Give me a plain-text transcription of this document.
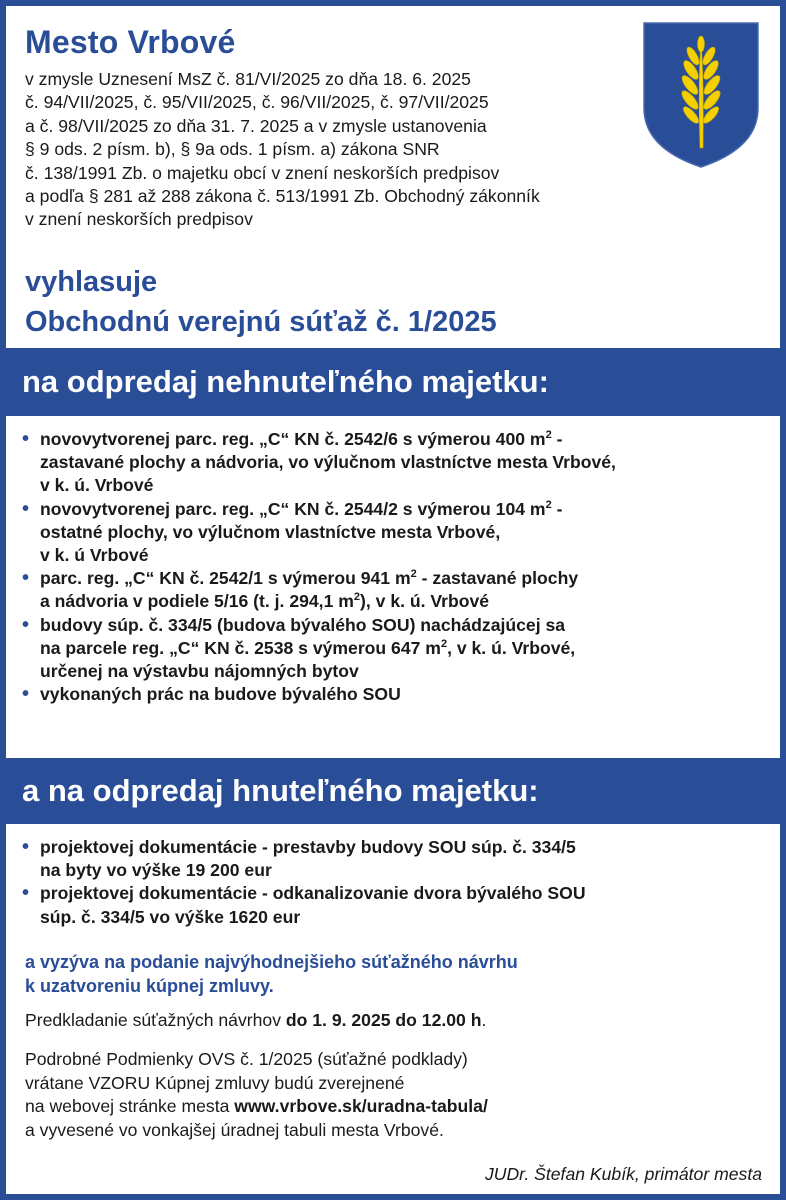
Mesto Vrbové
v zmysle Uznesení MsZ č. 81/VI/2025 zo dňa 18. 6. 2025
č. 94/VII/2025, č. 95/VII/2025, č. 96/VII/2025, č. 97/VII/2025
a č. 98/VII/2025 zo dňa 31. 7. 2025 a v zmysle ustanovenia
§ 9 ods. 2 písm. b), § 9a ods. 1 písm. a) zákona SNR
č. 138/1991 Zb. o majetku obcí v znení neskorších predpisov
a podľa § 281 až 288 zákona č. 513/1991 Zb. Obchodný zákonník
v znení neskorších predpisov
vyhlasuje
Obchodnú verejnú súťaž č. 1/2025
na odpredaj nehnuteľného majetku:
• novovytvorenej parc. reg. „C“ KN č. 2542/6 s výmerou 400 $m^2$ -
zastavané plochy a nádvoria, vo výlučnom vlastníctve mesta Vrbové,
v k. ú. Vrbové
• novovytvorenej parc. reg. „C“ KN č. 2544/2 s výmerou 104 $m^2$ -
ostatné plochy, vo výlučnom vlastníctve mesta Vrbové,
v k. ú Vrbové
• parc. reg. „C“ KN č. 2542/1 s výmerou 941 $m^2$ - zastavané plochy
a nádvoria v podiele 5/16 (t. j. 294,1 $m^2$), v k. ú. Vrbové
• budovy súp. č. 334/5 (budova bývalého SOU) nachádzajúcej sa
na parcele reg. „C“ KN č. 2538 s výmerou 647 $m^2$, v k. ú. Vrbové,
určenej na výstavbu nájomných bytov
• vykonaných prác na budove bývalého SOU
a na odpredaj hnuteľného majetku:
• projektovej dokumentácie - prestavby budovy SOU súp. č. 334/5
na byty vo výške 19 200 eur
• projektovej dokumentácie - odkanalizovanie dvora bývalého SOU
súp. č. 334/5 vo výške 1620 eur
a vyzýva na podanie najvýhodnejšieho súťažného návrhu
k uzatvoreniu kúpnej zmluvy.
Predkladanie súťažných návrhov do 1. 9. 2025 do 12.00 h.
Podrobné Podmienky OVS č. 1/2025 (súťažné podklady)
vrátane VZORU Kúpnej zmluvy budú zverejnené
na webovej stránke mesta www.vrbove.sk/uradna-tabula/
a vyvesené vo vonkajšej úradnej tabuli mesta Vrbové.
JUDr. Štefan Kubík, primátor mesta
